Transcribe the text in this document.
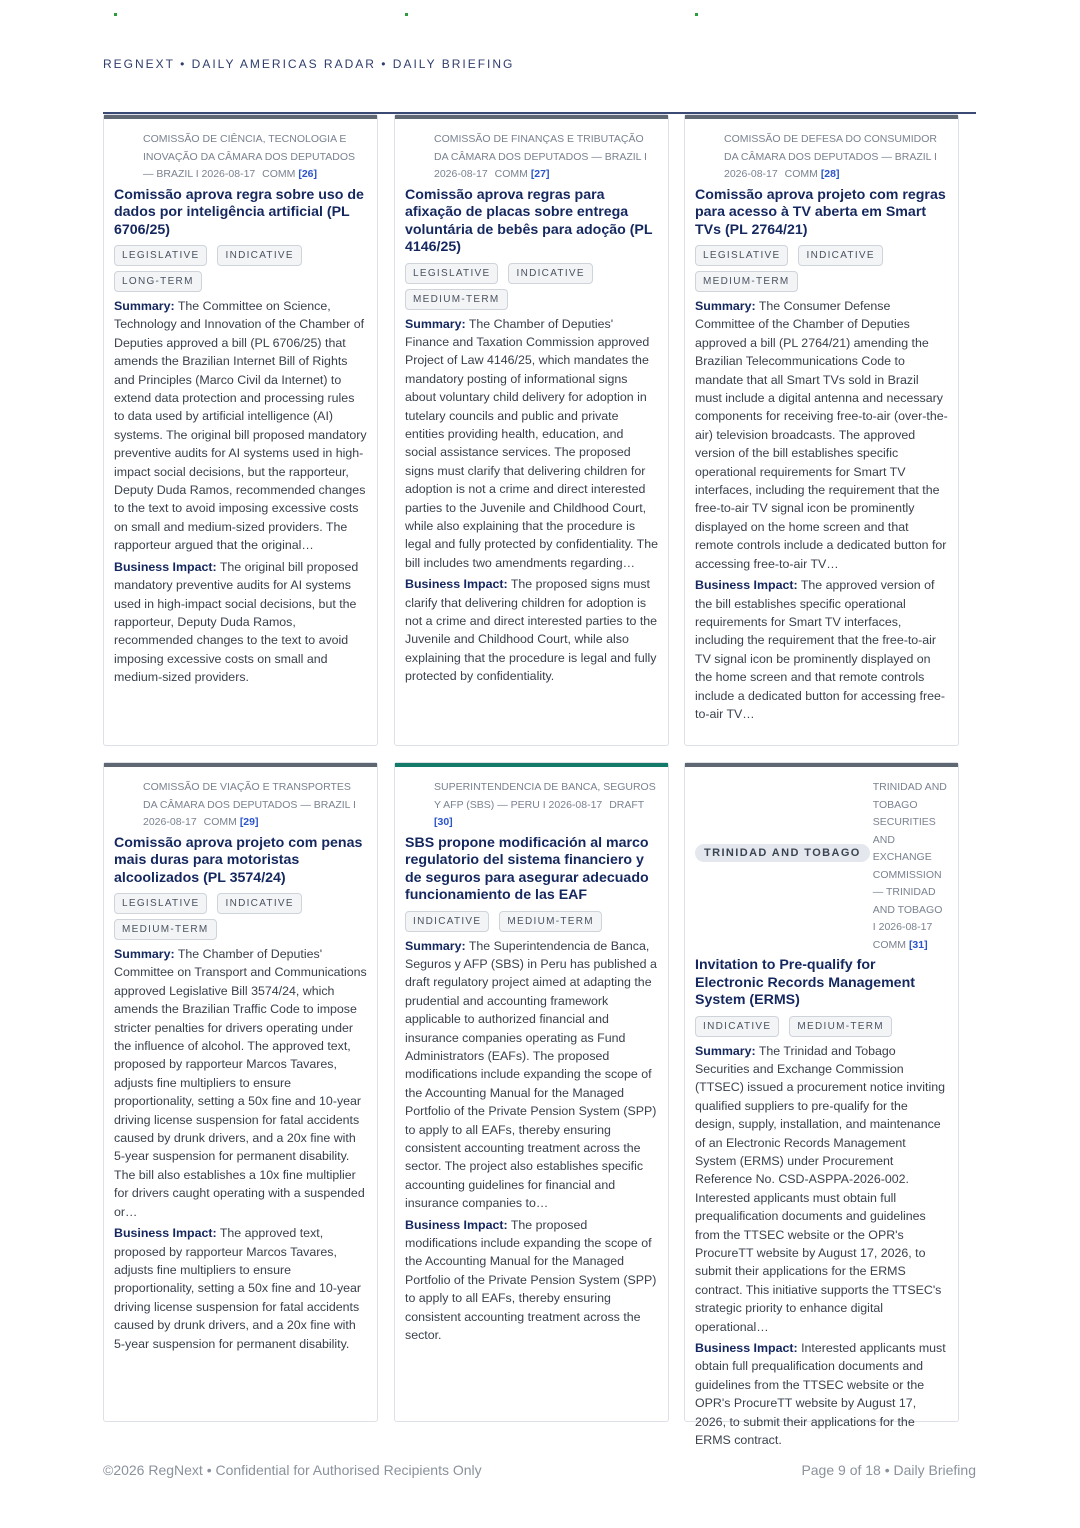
REGNEXT • DAILY AMERICAS RADAR • DAILY BRIEFING
COMISSÃO DE CIÊNCIA, TECNOLOGIA E INOVAÇÃO DA CÂMARA DOS DEPUTADOS — BRAZIL I 2026-08-17 COMM [26]
Comissão aprova regra sobre uso de dados por inteligência artificial (PL 6706/25)
LEGISLATIVE	INDICATIVE
LONG-TERM
Summary: The Committee on Science, Technology and Innovation of the Chamber of Deputies approved a bill (PL 6706/25) that amends the Brazilian Internet Bill of Rights and Principles (Marco Civil da Internet) to extend data protection and processing rules to data used by artificial intelligence (AI) systems. The original bill proposed mandatory preventive audits for AI systems used in high-impact social decisions, but the rapporteur, Deputy Duda Ramos, recommended changes to the text to avoid imposing excessive costs on small and medium-sized providers. The rapporteur argued that the original…
Business Impact: The original bill proposed mandatory preventive audits for AI systems used in high-impact social decisions, but the rapporteur, Deputy Duda Ramos, recommended changes to the text to avoid imposing excessive costs on small and medium-sized providers.
COMISSÃO DE FINANÇAS E TRIBUTAÇÃO DA CÂMARA DOS DEPUTADOS — BRAZIL I 2026-08-17 COMM [27]
Comissão aprova regras para afixação de placas sobre entrega voluntária de bebês para adoção (PL 4146/25)
LEGISLATIVE	INDICATIVE
MEDIUM-TERM
Summary: The Chamber of Deputies' Finance and Taxation Commission approved Project of Law 4146/25, which mandates the mandatory posting of informational signs about voluntary child delivery for adoption in tutelary councils and public and private entities providing health, education, and social assistance services. The proposed signs must clarify that delivering children for adoption is not a crime and direct interested parties to the Juvenile and Childhood Court, while also explaining that the procedure is legal and fully protected by confidentiality. The bill includes two amendments regarding…
Business Impact: The proposed signs must clarify that delivering children for adoption is not a crime and direct interested parties to the Juvenile and Childhood Court, while also explaining that the procedure is legal and fully protected by confidentiality.
COMISSÃO DE DEFESA DO CONSUMIDOR DA CÂMARA DOS DEPUTADOS — BRAZIL I 2026-08-17 COMM [28]
Comissão aprova projeto com regras para acesso à TV aberta em Smart TVs (PL 2764/21)
LEGISLATIVE	INDICATIVE
MEDIUM-TERM
Summary: The Consumer Defense Committee of the Chamber of Deputies approved a bill (PL 2764/21) amending the Brazilian Telecommunications Code to mandate that all Smart TVs sold in Brazil must include a digital antenna and necessary components for receiving free-to-air (over-the-air) television broadcasts. The approved version of the bill establishes specific operational requirements for Smart TV interfaces, including the requirement that the free-to-air TV signal icon be prominently displayed on the home screen and that remote controls include a dedicated button for accessing free-to-air TV…
Business Impact: The approved version of the bill establishes specific operational requirements for Smart TV interfaces, including the requirement that the free-to-air TV signal icon be prominently displayed on the home screen and that remote controls include a dedicated button for accessing free-to-air TV…
COMISSÃO DE VIAÇÃO E TRANSPORTES DA CÂMARA DOS DEPUTADOS — BRAZIL I 2026-08-17 COMM [29]
Comissão aprova projeto com penas mais duras para motoristas alcoolizados (PL 3574/24)
LEGISLATIVE	INDICATIVE
MEDIUM-TERM
Summary: The Chamber of Deputies' Committee on Transport and Communications approved Legislative Bill 3574/24, which amends the Brazilian Traffic Code to impose stricter penalties for drivers operating under the influence of alcohol. The approved text, proposed by rapporteur Marcos Tavares, adjusts fine multipliers to ensure proportionality, setting a 50x fine and 10-year driving license suspension for fatal accidents caused by drunk drivers, and a 20x fine with 5-year suspension for permanent disability. The bill also establishes a 10x fine multiplier for drivers caught operating with a suspended or…
Business Impact: The approved text, proposed by rapporteur Marcos Tavares, adjusts fine multipliers to ensure proportionality, setting a 50x fine and 10-year driving license suspension for fatal accidents caused by drunk drivers, and a 20x fine with 5-year suspension for permanent disability.
SUPERINTENDENCIA DE BANCA, SEGUROS Y AFP (SBS) — PERU I 2026-08-17 DRAFT [30]
SBS propone modificación al marco regulatorio del sistema financiero y de seguros para asegurar adecuado funcionamiento de las EAF
INDICATIVE	MEDIUM-TERM
Summary: The Superintendencia de Banca, Seguros y AFP (SBS) in Peru has published a draft regulatory project aimed at adapting the prudential and accounting framework applicable to authorized financial and insurance companies operating as Fund Administrators (EAFs). The proposed modifications include expanding the scope of the Accounting Manual for the Managed Portfolio of the Private Pension System (SPP) to apply to all EAFs, thereby ensuring consistent accounting treatment across the sector. The project also establishes specific accounting guidelines for financial and insurance companies to…
Business Impact: The proposed modifications include expanding the scope of the Accounting Manual for the Managed Portfolio of the Private Pension System (SPP) to apply to all EAFs, thereby ensuring consistent accounting treatment across the sector.
TRINIDAD AND TOBAGO
TRINIDAD AND TOBAGO SECURITIES AND EXCHANGE COMMISSION — TRINIDAD AND TOBAGO I 2026-08-17 COMM [31]
Invitation to Pre-qualify for Electronic Records Management System (ERMS)
INDICATIVE	MEDIUM-TERM
Summary: The Trinidad and Tobago Securities and Exchange Commission (TTSEC) issued a procurement notice inviting qualified suppliers to pre-qualify for the design, supply, installation, and maintenance of an Electronic Records Management System (ERMS) under Procurement Reference No. CSD-ASPPA-2026-002. Interested applicants must obtain full prequalification documents and guidelines from the TTSEC website or the OPR's ProcureTT website by August 17, 2026, to submit their applications for the ERMS contract. This initiative supports the TTSEC's strategic priority to enhance digital operational…
Business Impact: Interested applicants must obtain full prequalification documents and guidelines from the TTSEC website or the OPR's ProcureTT website by August 17, 2026, to submit their applications for the ERMS contract.
©2026 RegNext • Confidential for Authorised Recipients Only	Page 9 of 18 • Daily Briefing
